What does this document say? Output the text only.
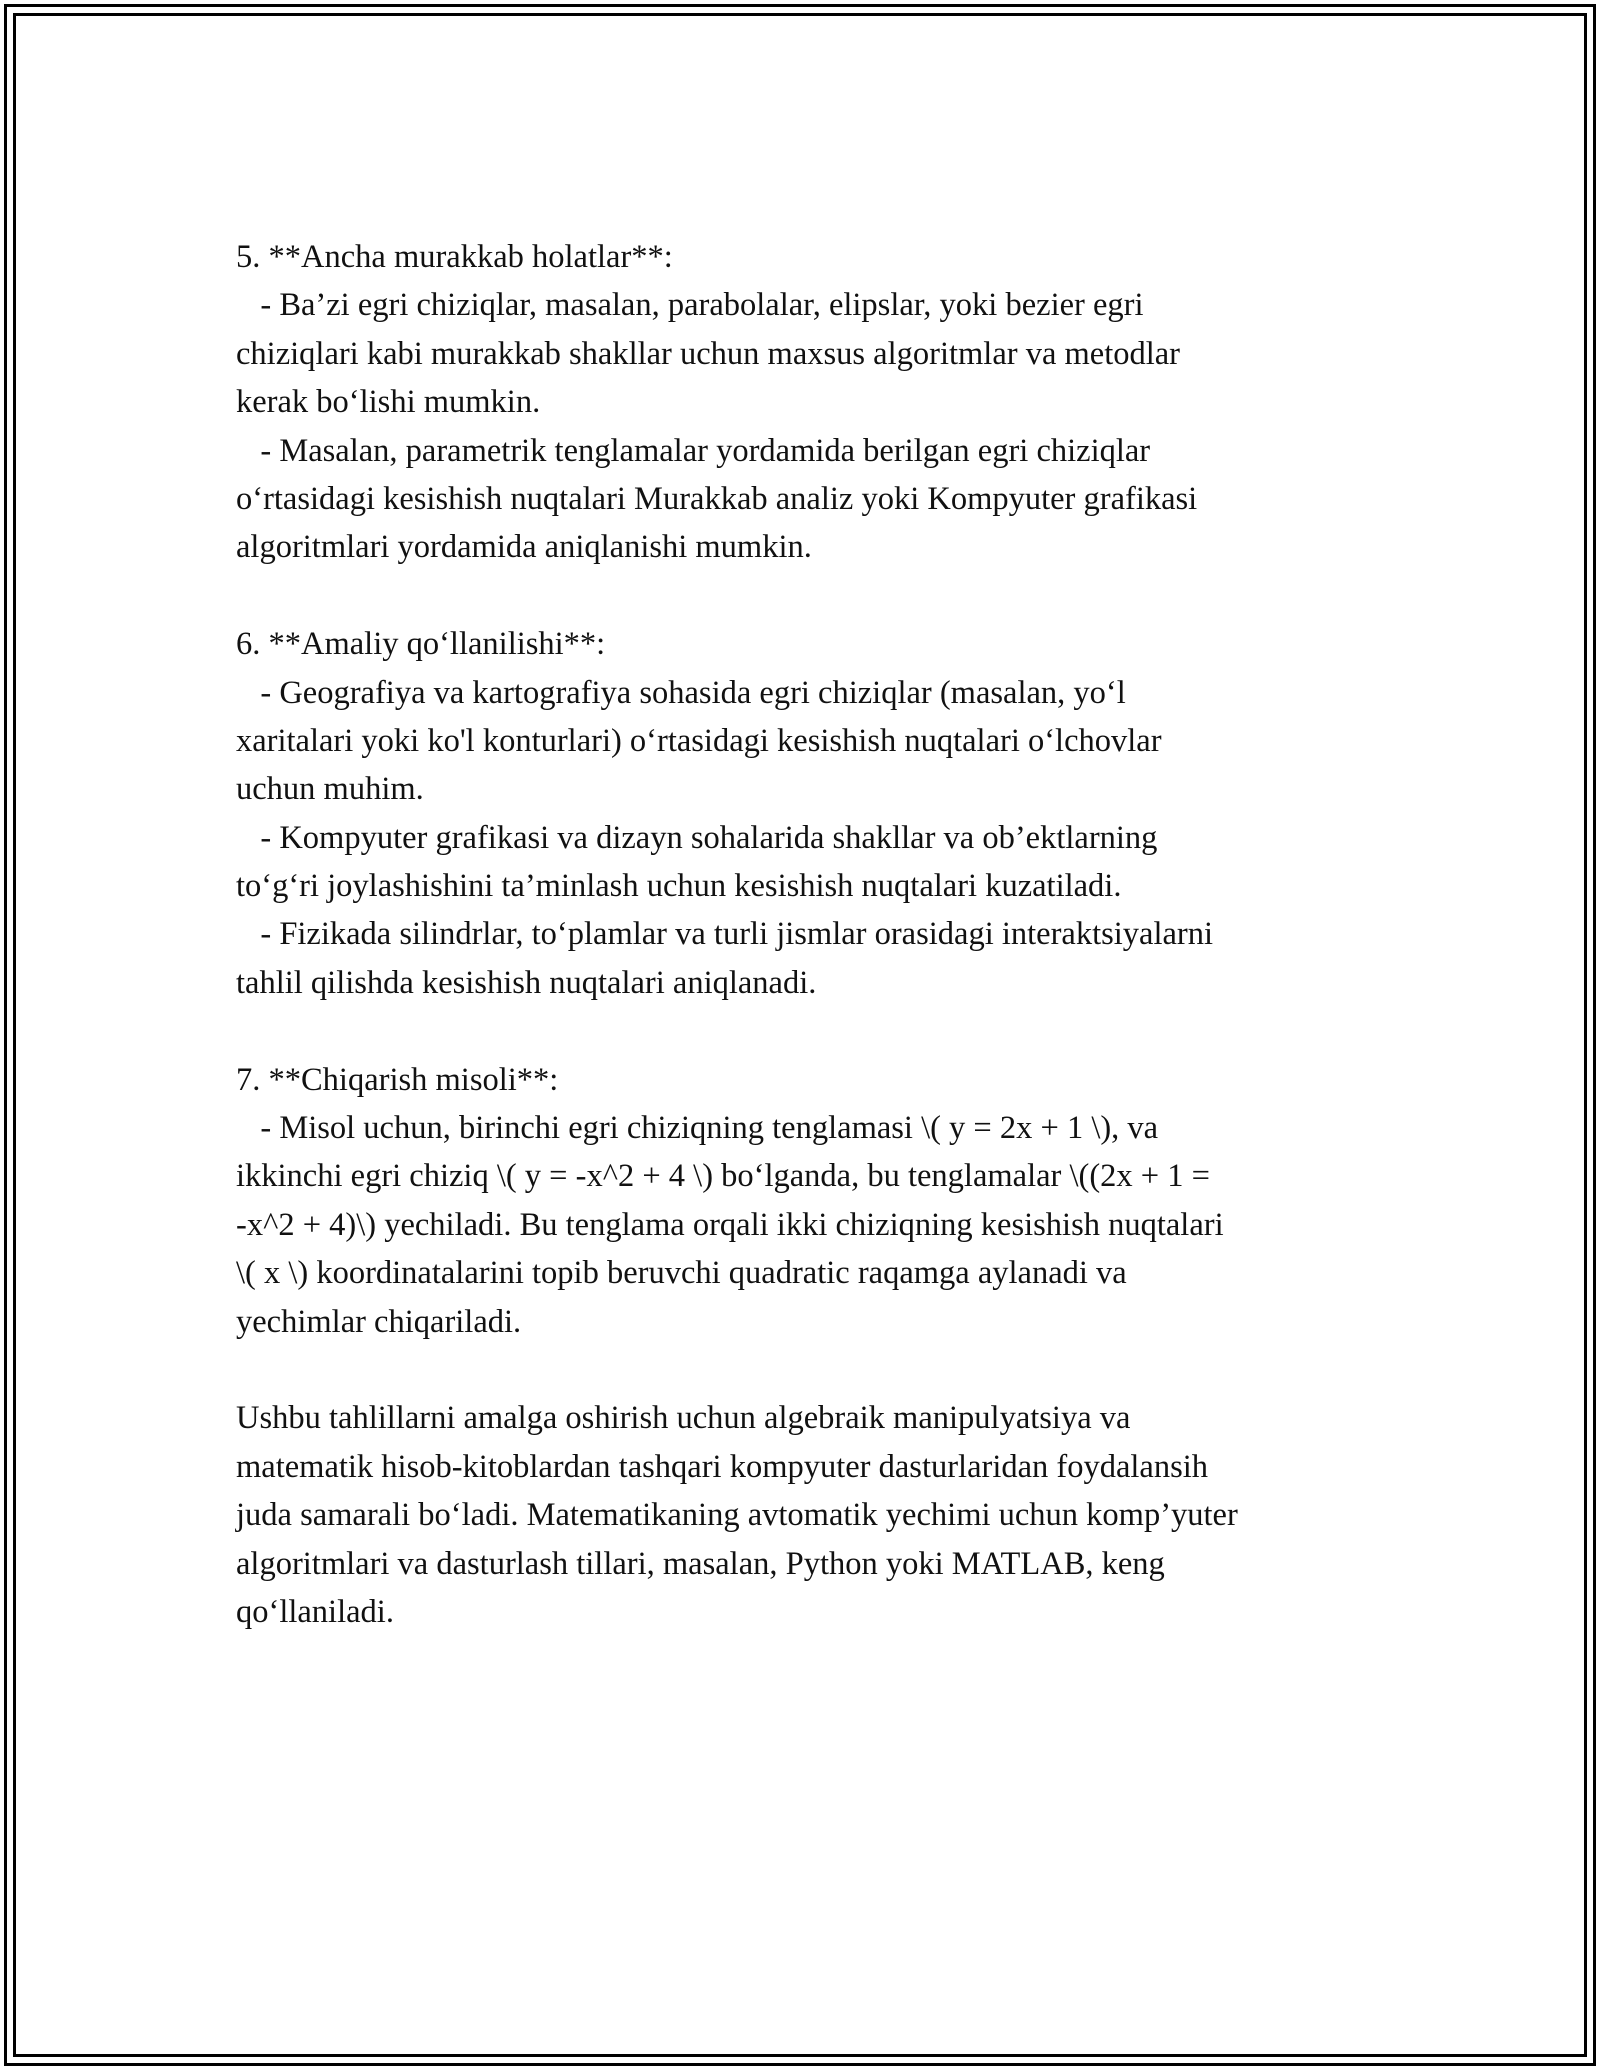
5. **Ancha murakkab holatlar**:
- Ba’zi egri chiziqlar, masalan, parabolalar, elipslar, yoki bezier egri
chiziqlari kabi murakkab shakllar uchun maxsus algoritmlar va metodlar
kerak bo‘lishi mumkin.
- Masalan, parametrik tenglamalar yordamida berilgan egri chiziqlar
o‘rtasidagi kesishish nuqtalari Murakkab analiz yoki Kompyuter grafikasi
algoritmlari yordamida aniqlanishi mumkin.
6. **Amaliy qo‘llanilishi**:
- Geografiya va kartografiya sohasida egri chiziqlar (masalan, yo‘l
xaritalari yoki ko'l konturlari) o‘rtasidagi kesishish nuqtalari o‘lchovlar
uchun muhim.
- Kompyuter grafikasi va dizayn sohalarida shakllar va ob’ektlarning
to‘g‘ri joylashishini ta’minlash uchun kesishish nuqtalari kuzatiladi.
- Fizikada silindrlar, to‘plamlar va turli jismlar orasidagi interaktsiyalarni
tahlil qilishda kesishish nuqtalari aniqlanadi.
7. **Chiqarish misoli**:
- Misol uchun, birinchi egri chiziqning tenglamasi \( y = 2x + 1 \), va
ikkinchi egri chiziq \( y = -x^2 + 4 \) bo‘lganda, bu tenglamalar \((2x + 1 =
-x^2 + 4)\) yechiladi. Bu tenglama orqali ikki chiziqning kesishish nuqtalari
\( x \) koordinatalarini topib beruvchi quadratic raqamga aylanadi va
yechimlar chiqariladi.
Ushbu tahlillarni amalga oshirish uchun algebraik manipulyatsiya va
matematik hisob-kitoblardan tashqari kompyuter dasturlaridan foydalansih
juda samarali bo‘ladi. Matematikaning avtomatik yechimi uchun komp’yuter
algoritmlari va dasturlash tillari, masalan, Python yoki MATLAB, keng
qo‘llaniladi.
